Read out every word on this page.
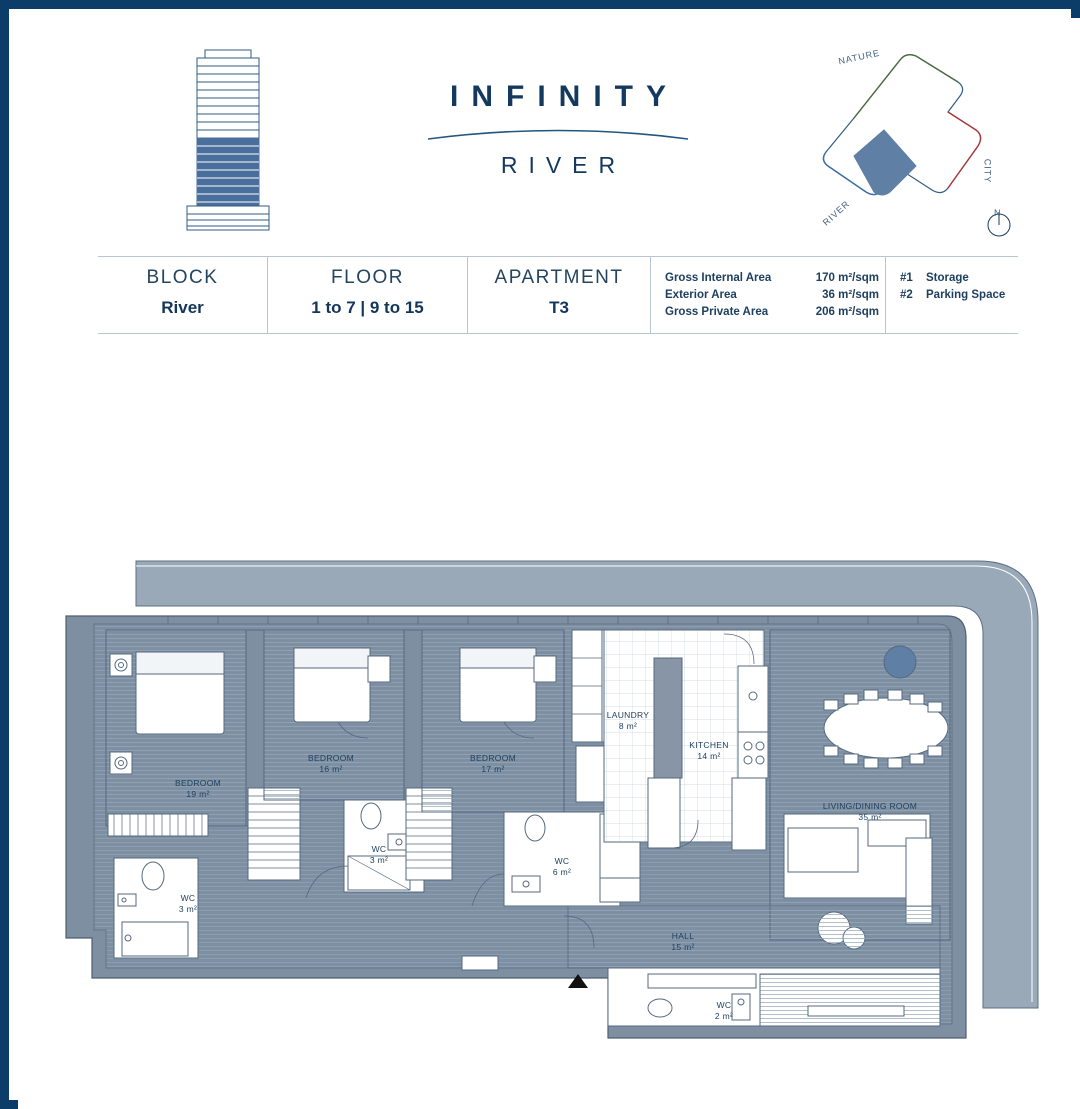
INFINITY
RIVER
NATURE
CITY
RIVER	N
BLOCK
River
FLOOR
1 to 7 | 9 to 15
APARTMENT
T3
Gross Internal Area	170 m²/sqm
Exterior Area	36 m²/sqm
Gross Private Area	206 m²/sqm
#1 Storage
#2 Parking Space
BEDROOM
19 m²
BEDROOM
16 m²
BEDROOM
17 m²
LAUNDRY
8 m²
KITCHEN
14 m²
LIVING/DINING ROOM
35 m²
WC
3 m²
WC
3 m²	WC
6 m²
WC
2 m²
HALL
15 m²
